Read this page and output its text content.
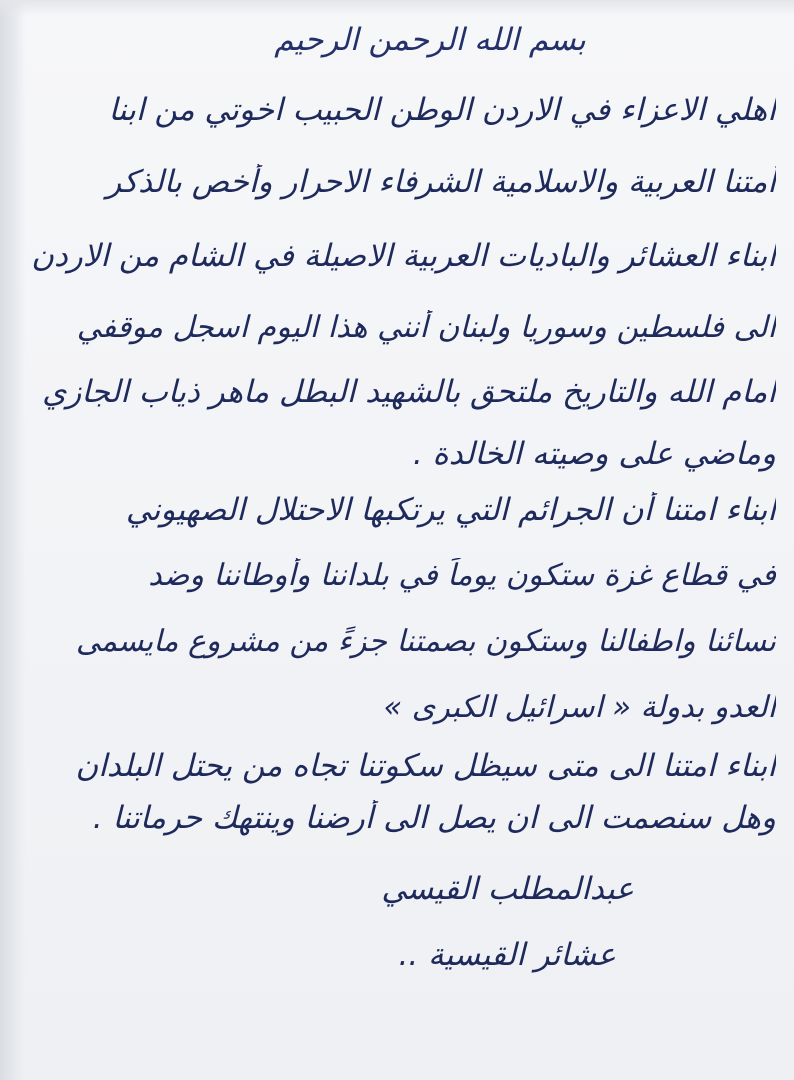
بسم الله الرحمن الرحيم
اهلي الاعزاء في الاردن الوطن الحبيب اخوتي من ابنا
أمتنا العربية والاسلامية الشرفاء الاحرار وأخص بالذكر
ابناء العشائر والباديات العربية الاصيلة في الشام من الاردن
الى فلسطين وسوريا ولبنان أنني هذا اليوم اسجل موقفي
امام الله والتاريخ ملتحق بالشهيد البطل ماهر ذياب الجازي
وماضي على وصيته الخالدة .
ابناء امتنا أن الجرائم التي يرتكبها الاحتلال الصهيوني
في قطاع غزة ستكون يوماً في بلداننا وأوطاننا وضد
نسائنا واطفالنا وستكون بصمتنا جزءً من مشروع مايسمى
العدو بدولة « اسرائيل الكبرى »
ابناء امتنا الى متى سيظل سكوتنا تجاه من يحتل البلدان
وهل سنصمت الى ان يصل الى أرضنا وينتهك حرماتنا .
عبدالمطلب القيسي
عشائر القيسية ..
